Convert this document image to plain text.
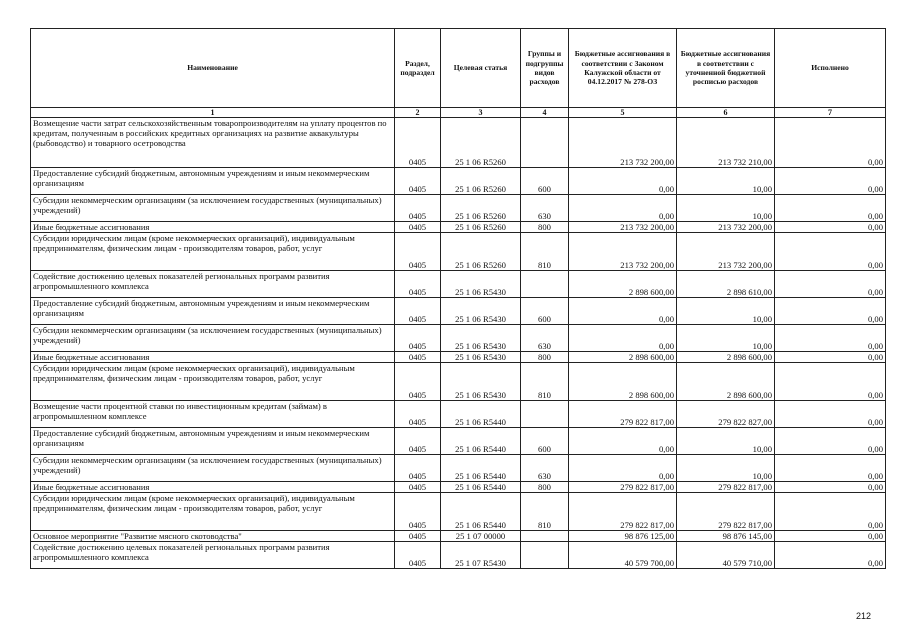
Наименование	Раздел, подраздел	Целевая статья	Группы и подгруппы видов расходов	Бюджетные ассигнования в соответствии с Законом Калужской области от 04.12.2017 № 278-ОЗ	Бюджетные ассигнования в соответствии с уточненной бюджетной росписью расходов	Исполнено
1	2	3	4	5	6	7
Возмещение части затрат сельскохозяйственным товаропроизводителям на уплату процентов по кредитам, полученным в российских кредитных организациях на развитие аквакультуры (рыбоводство) и товарного осетроводства	0405	25 1 06 R5260		213 732 200,00	213 732 210,00	0,00
Предоставление субсидий бюджетным, автономным учреждениям и иным некоммерческим организациям	0405	25 1 06 R5260	600	0,00	10,00	0,00
Субсидии некоммерческим организациям (за исключением государственных (муниципальных) учреждений)	0405	25 1 06 R5260	630	0,00	10,00	0,00
Иные бюджетные ассигнования	0405	25 1 06 R5260	800	213 732 200,00	213 732 200,00	0,00
Субсидии юридическим лицам (кроме некоммерческих организаций), индивидуальным предпринимателям, физическим лицам - производителям товаров, работ, услуг	0405	25 1 06 R5260	810	213 732 200,00	213 732 200,00	0,00
Содействие достижению целевых показателей региональных программ развития агропромышленного комплекса	0405	25 1 06 R5430		2 898 600,00	2 898 610,00	0,00
Предоставление субсидий бюджетным, автономным учреждениям и иным некоммерческим организациям	0405	25 1 06 R5430	600	0,00	10,00	0,00
Субсидии некоммерческим организациям (за исключением государственных (муниципальных) учреждений)	0405	25 1 06 R5430	630	0,00	10,00	0,00
Иные бюджетные ассигнования	0405	25 1 06 R5430	800	2 898 600,00	2 898 600,00	0,00
Субсидии юридическим лицам (кроме некоммерческих организаций), индивидуальным предпринимателям, физическим лицам - производителям товаров, работ, услуг	0405	25 1 06 R5430	810	2 898 600,00	2 898 600,00	0,00
Возмещение части процентной ставки по инвестиционным кредитам (займам) в агропромышленном комплексе	0405	25 1 06 R5440		279 822 817,00	279 822 827,00	0,00
Предоставление субсидий бюджетным, автономным учреждениям и иным некоммерческим организациям	0405	25 1 06 R5440	600	0,00	10,00	0,00
Субсидии некоммерческим организациям (за исключением государственных (муниципальных) учреждений)	0405	25 1 06 R5440	630	0,00	10,00	0,00
Иные бюджетные ассигнования	0405	25 1 06 R5440	800	279 822 817,00	279 822 817,00	0,00
Субсидии юридическим лицам (кроме некоммерческих организаций), индивидуальным предпринимателям, физическим лицам - производителям товаров, работ, услуг	0405	25 1 06 R5440	810	279 822 817,00	279 822 817,00	0,00
Основное мероприятие "Развитие мясного скотоводства"	0405	25 1 07 00000		98 876 125,00	98 876 145,00	0,00
Содействие достижению целевых показателей региональных программ развития агропромышленного комплекса	0405	25 1 07 R5430		40 579 700,00	40 579 710,00	0,00
212
